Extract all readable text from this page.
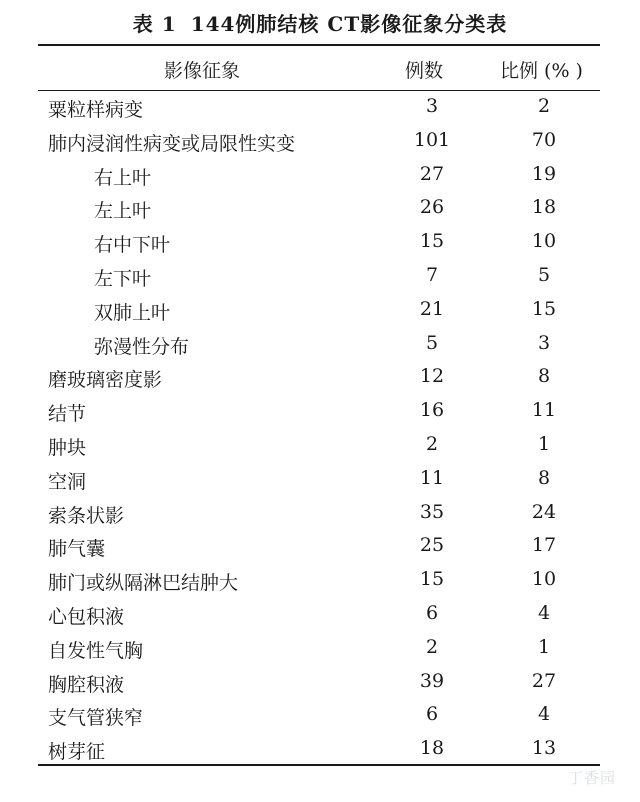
表 1 144例肺结核 CT影像征象分类表
影像征象	例数	比例 (% )
粟粒样病变	3	2
肺内浸润性病变或局限性实变	101	70
右上叶	27	19
左上叶	26	18
右中下叶	15	10
左下叶	7	5
双肺上叶	21	15
弥漫性分布	5	3
磨玻璃密度影	12	8
结节	16	11
肿块	2	1
空洞	11	8
索条状影	35	24
肺气囊	25	17
肺门或纵隔淋巴结肿大	15	10
心包积液	6	4
自发性气胸	2	1
胸腔积液	39	27
支气管狭窄	6	4
树芽征	18	13
丁香园
